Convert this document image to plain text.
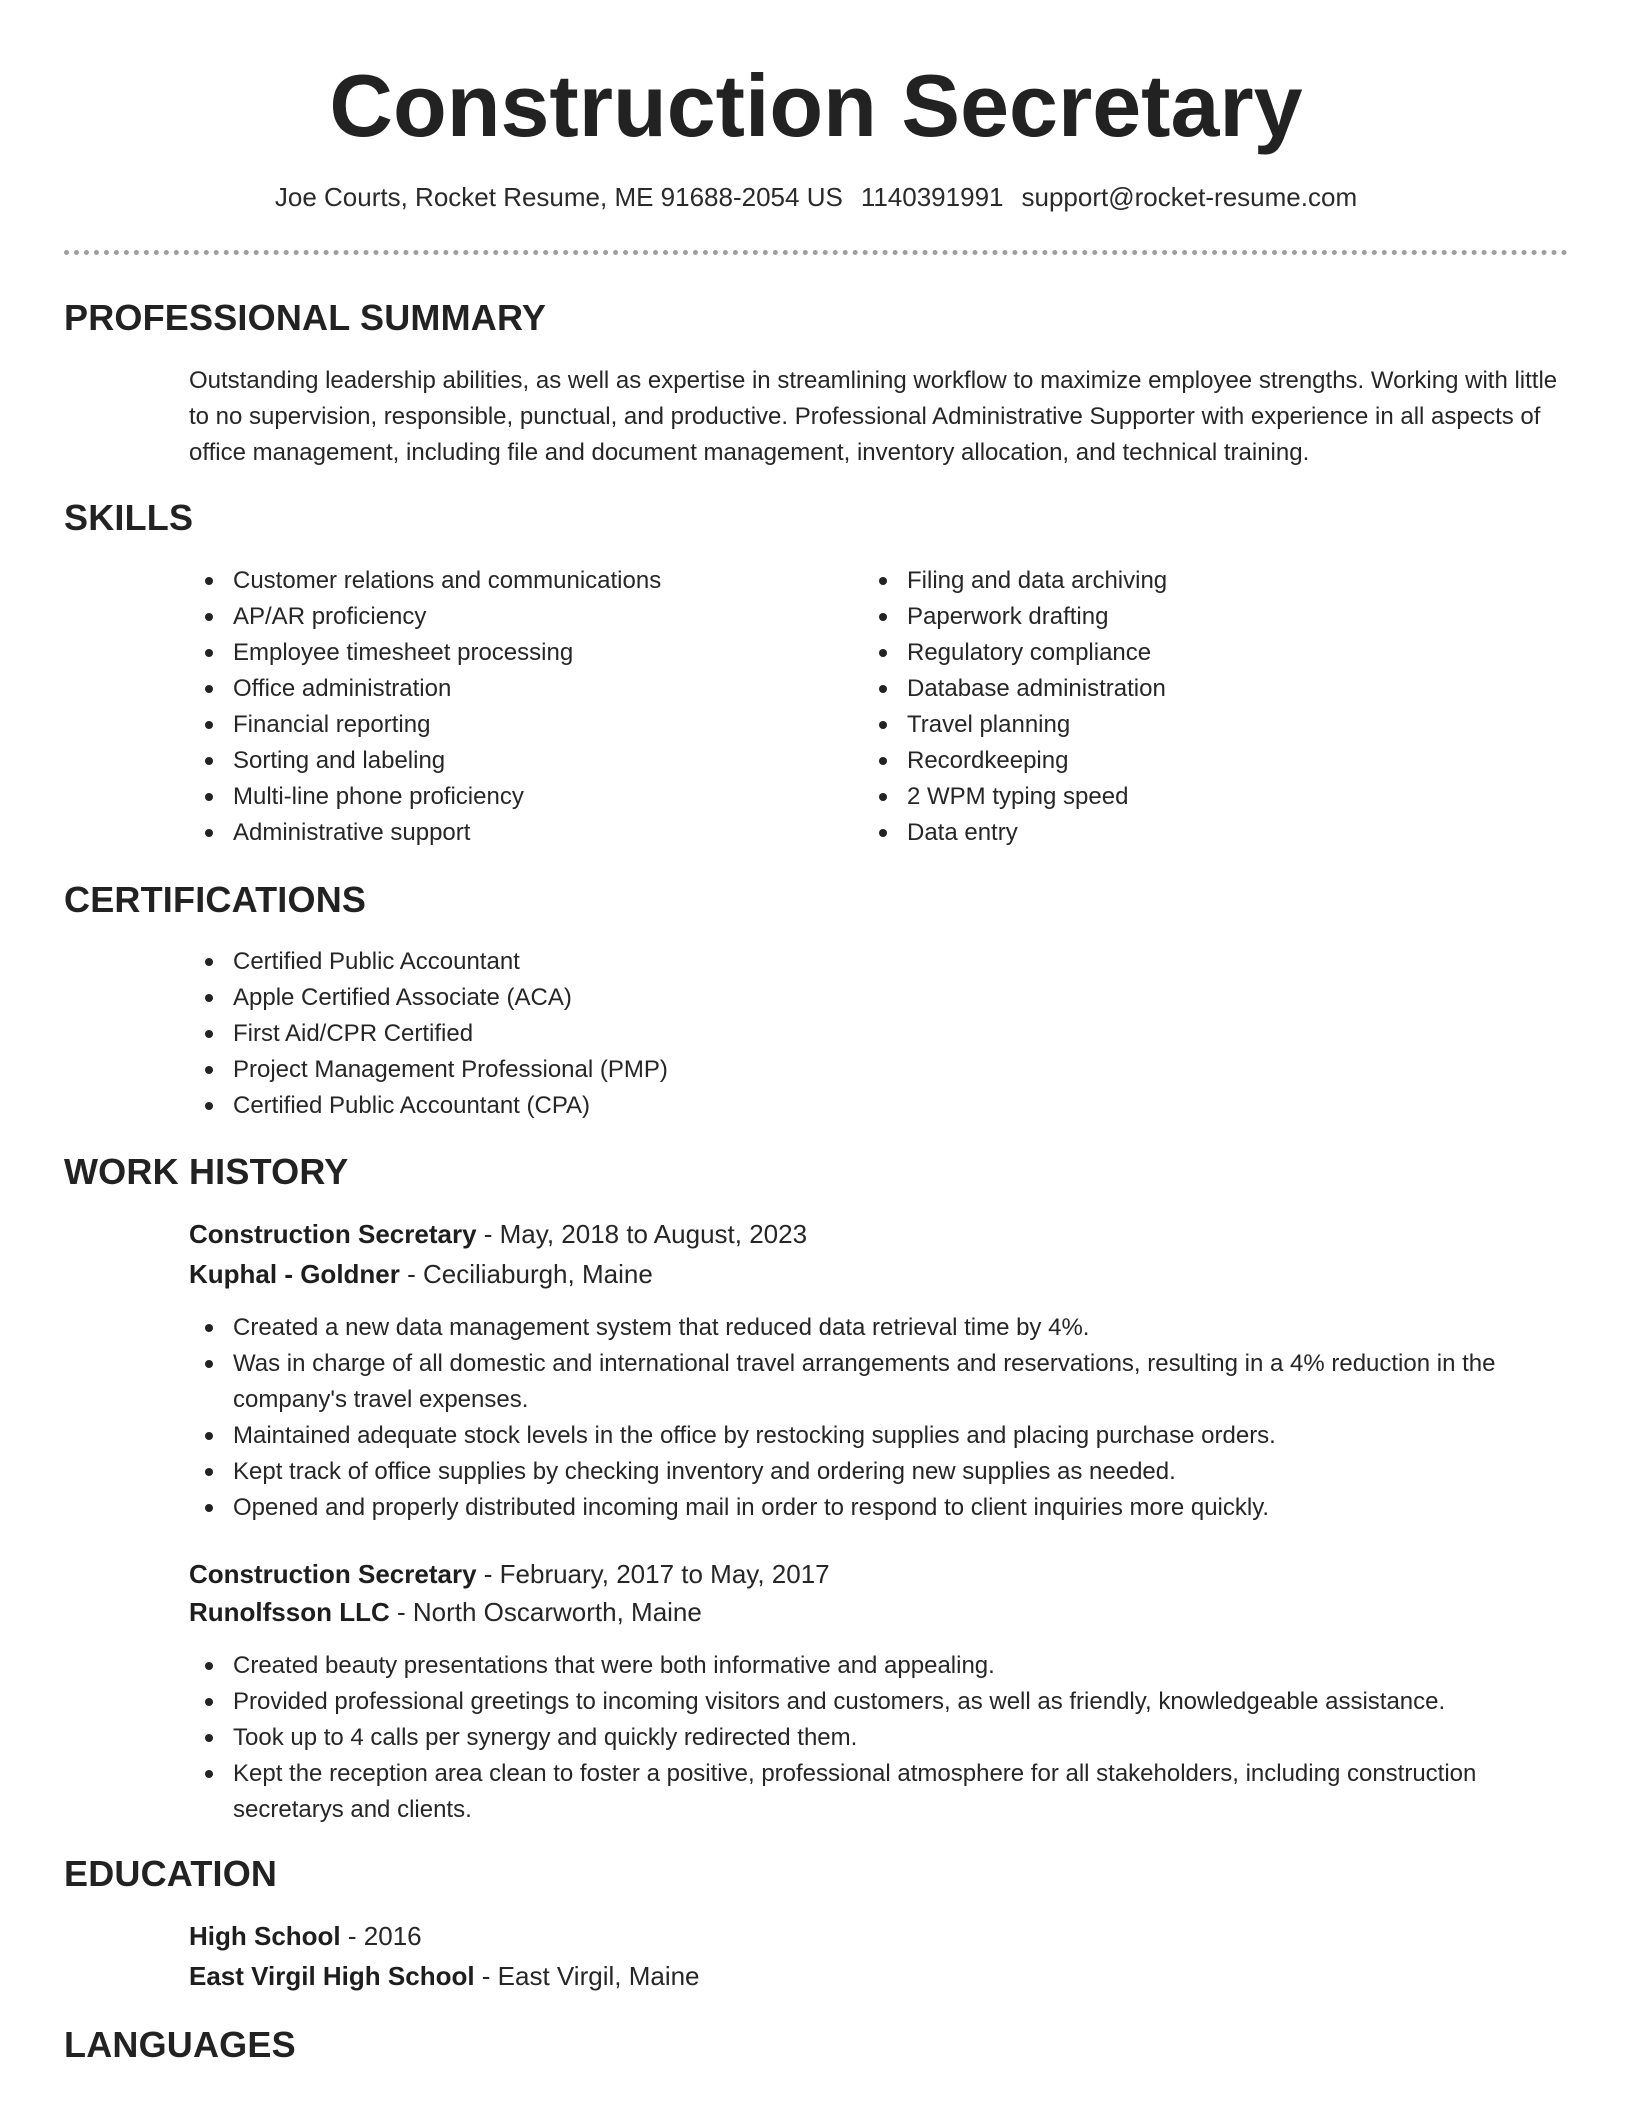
Construction Secretary
Joe Courts, Rocket Resume, ME 91688-2054 US 1140391991 support@rocket-resume.com
PROFESSIONAL SUMMARY
Outstanding leadership abilities, as well as expertise in streamlining workflow to maximize employee strengths. Working with little to no supervision, responsible, punctual, and productive. Professional Administrative Supporter with experience in all aspects of office management, including file and document management, inventory allocation, and technical training.
SKILLS
Customer relations and communications
AP/AR proficiency
Employee timesheet processing
Office administration
Financial reporting
Sorting and labeling
Multi-line phone proficiency
Administrative support
Filing and data archiving
Paperwork drafting
Regulatory compliance
Database administration
Travel planning
Recordkeeping
2 WPM typing speed
Data entry
CERTIFICATIONS
Certified Public Accountant
Apple Certified Associate (ACA)
First Aid/CPR Certified
Project Management Professional (PMP)
Certified Public Accountant (CPA)
WORK HISTORY
Construction Secretary - May, 2018 to August, 2023
Kuphal - Goldner - Ceciliaburgh, Maine
Created a new data management system that reduced data retrieval time by 4%.
Was in charge of all domestic and international travel arrangements and reservations, resulting in a 4% reduction in the company's travel expenses.
Maintained adequate stock levels in the office by restocking supplies and placing purchase orders.
Kept track of office supplies by checking inventory and ordering new supplies as needed.
Opened and properly distributed incoming mail in order to respond to client inquiries more quickly.
Construction Secretary - February, 2017 to May, 2017
Runolfsson LLC - North Oscarworth, Maine
Created beauty presentations that were both informative and appealing.
Provided professional greetings to incoming visitors and customers, as well as friendly, knowledgeable assistance.
Took up to 4 calls per synergy and quickly redirected them.
Kept the reception area clean to foster a positive, professional atmosphere for all stakeholders, including construction secretarys and clients.
EDUCATION
High School - 2016
East Virgil High School - East Virgil, Maine
LANGUAGES
